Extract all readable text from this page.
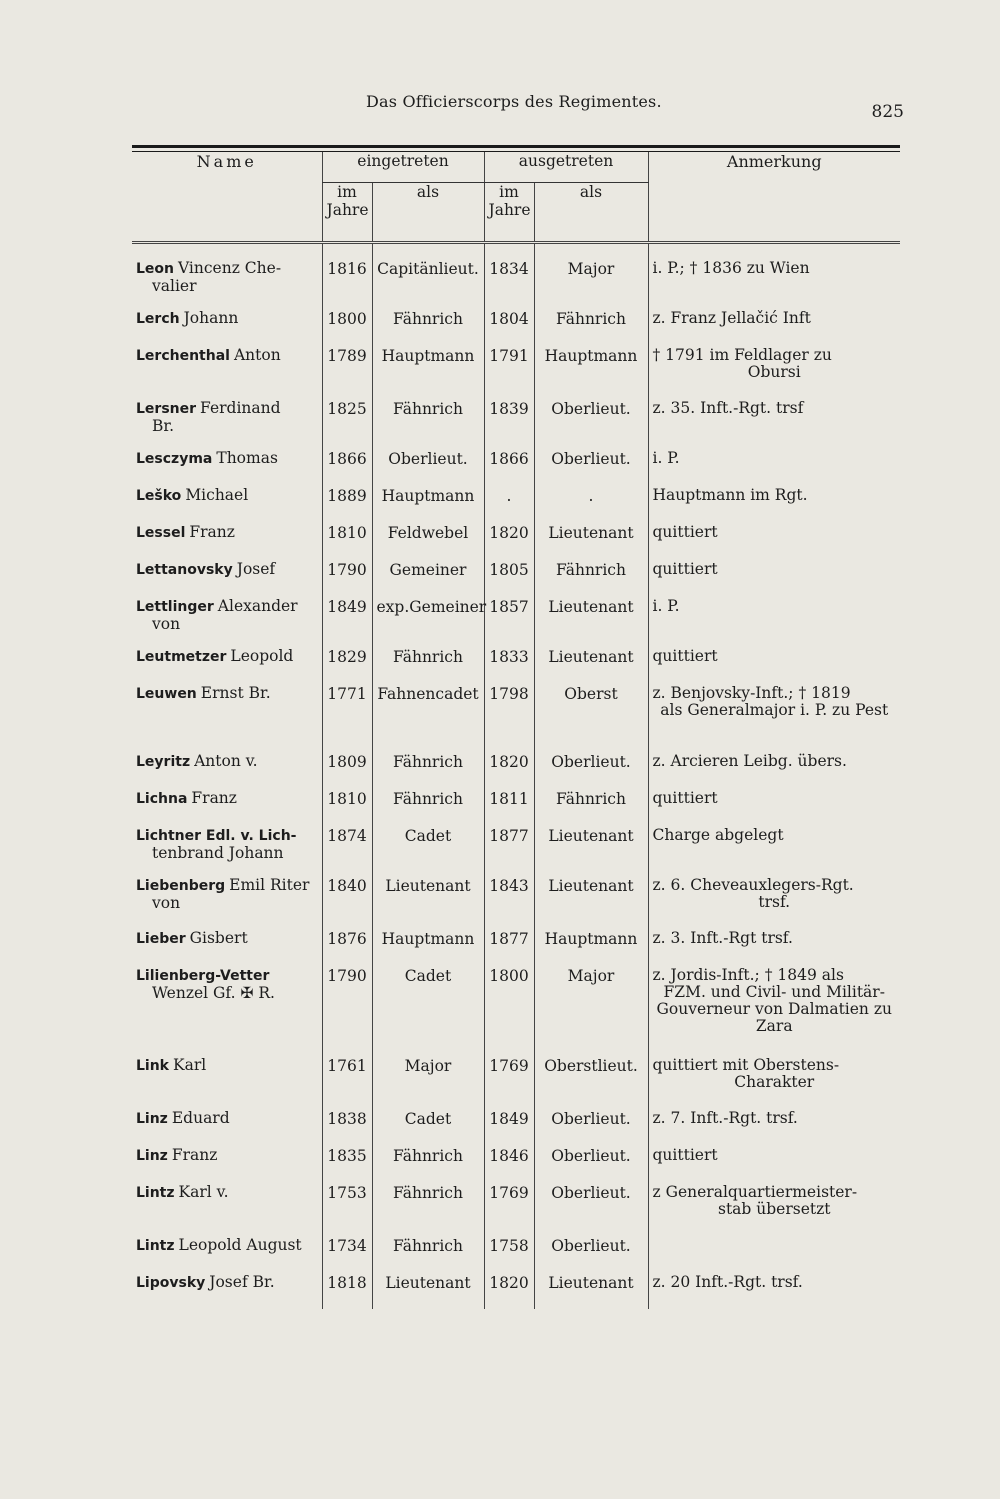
Das Officierscorps des Regimentes.
825
Name	eingetreten		ausgetreten		Anmerkung
	im Jahre	als	im Jahre	als	

Leon Vincenz Che-
valier	1816	Capitänlieut.	1834	Major	i. P.; † 1836 zu Wien
Lerch Johann	1800	Fähnrich	1804	Fähnrich	z. Franz Jellačić Inft
Lerchenthal Anton	1789	Hauptmann	1791	Hauptmann	† 1791 im Feldlager zu
Obursi

Lersner Ferdinand
Br.	1825	Fähnrich	1839	Oberlieut.	z. 35. Inft.-Rgt. trsf
Lesczyma Thomas	1866	Oberlieut.	1866	Oberlieut.	i. P.
Leško Michael	1889	Hauptmann	.	.	Hauptmann im Rgt.
Lessel Franz	1810	Feldwebel	1820	Lieutenant	quittiert
Lettanovsky Josef	1790	Gemeiner	1805	Fähnrich	quittiert
Lettlinger Alexander
von	1849	exp.Gemeiner	1857	Lieutenant	i. P.
Leutmetzer Leopold	1829	Fähnrich	1833	Lieutenant	quittiert
Leuwen Ernst Br.	1771	Fahnencadet	1798	Oberst	z. Benjovsky-Inft.; † 1819
als Generalmajor i. P. zu Pest

Leyritz Anton v.	1809	Fähnrich	1820	Oberlieut.	z. Arcieren Leibg. übers.
Lichna Franz	1810	Fähnrich	1811	Fähnrich	quittiert
Lichtner Edl. v. Lich-
tenbrand Johann	1874	Cadet	1877	Lieutenant	Charge abgelegt
Liebenberg Emil Riter
von	1840	Lieutenant	1843	Lieutenant	z. 6. Cheveauxlegers-Rgt.
trsf.

Lieber Gisbert	1876	Hauptmann	1877	Hauptmann	z. 3. Inft.-Rgt trsf.
Lilienberg-Vetter
Wenzel Gf. ✠ R.	1790	Cadet	1800	Major	z. Jordis-Inft.; † 1849 als
FZM. und Civil- und Militär-Gouverneur von Dalmatien zu Zara

Link Karl	1761	Major	1769	Oberstlieut.	quittiert mit Oberstens-
Charakter

Linz Eduard	1838	Cadet	1849	Oberlieut.	z. 7. Inft.-Rgt. trsf.
Linz Franz	1835	Fähnrich	1846	Oberlieut.	quittiert
Lintz Karl v.	1753	Fähnrich	1769	Oberlieut.	z Generalquartiermeister-
stab übersetzt

Lintz Leopold August	1734	Fähnrich	1758	Oberlieut.	
Lipovsky Josef Br.	1818	Lieutenant	1820	Lieutenant	z. 20 Inft.-Rgt. trsf.
